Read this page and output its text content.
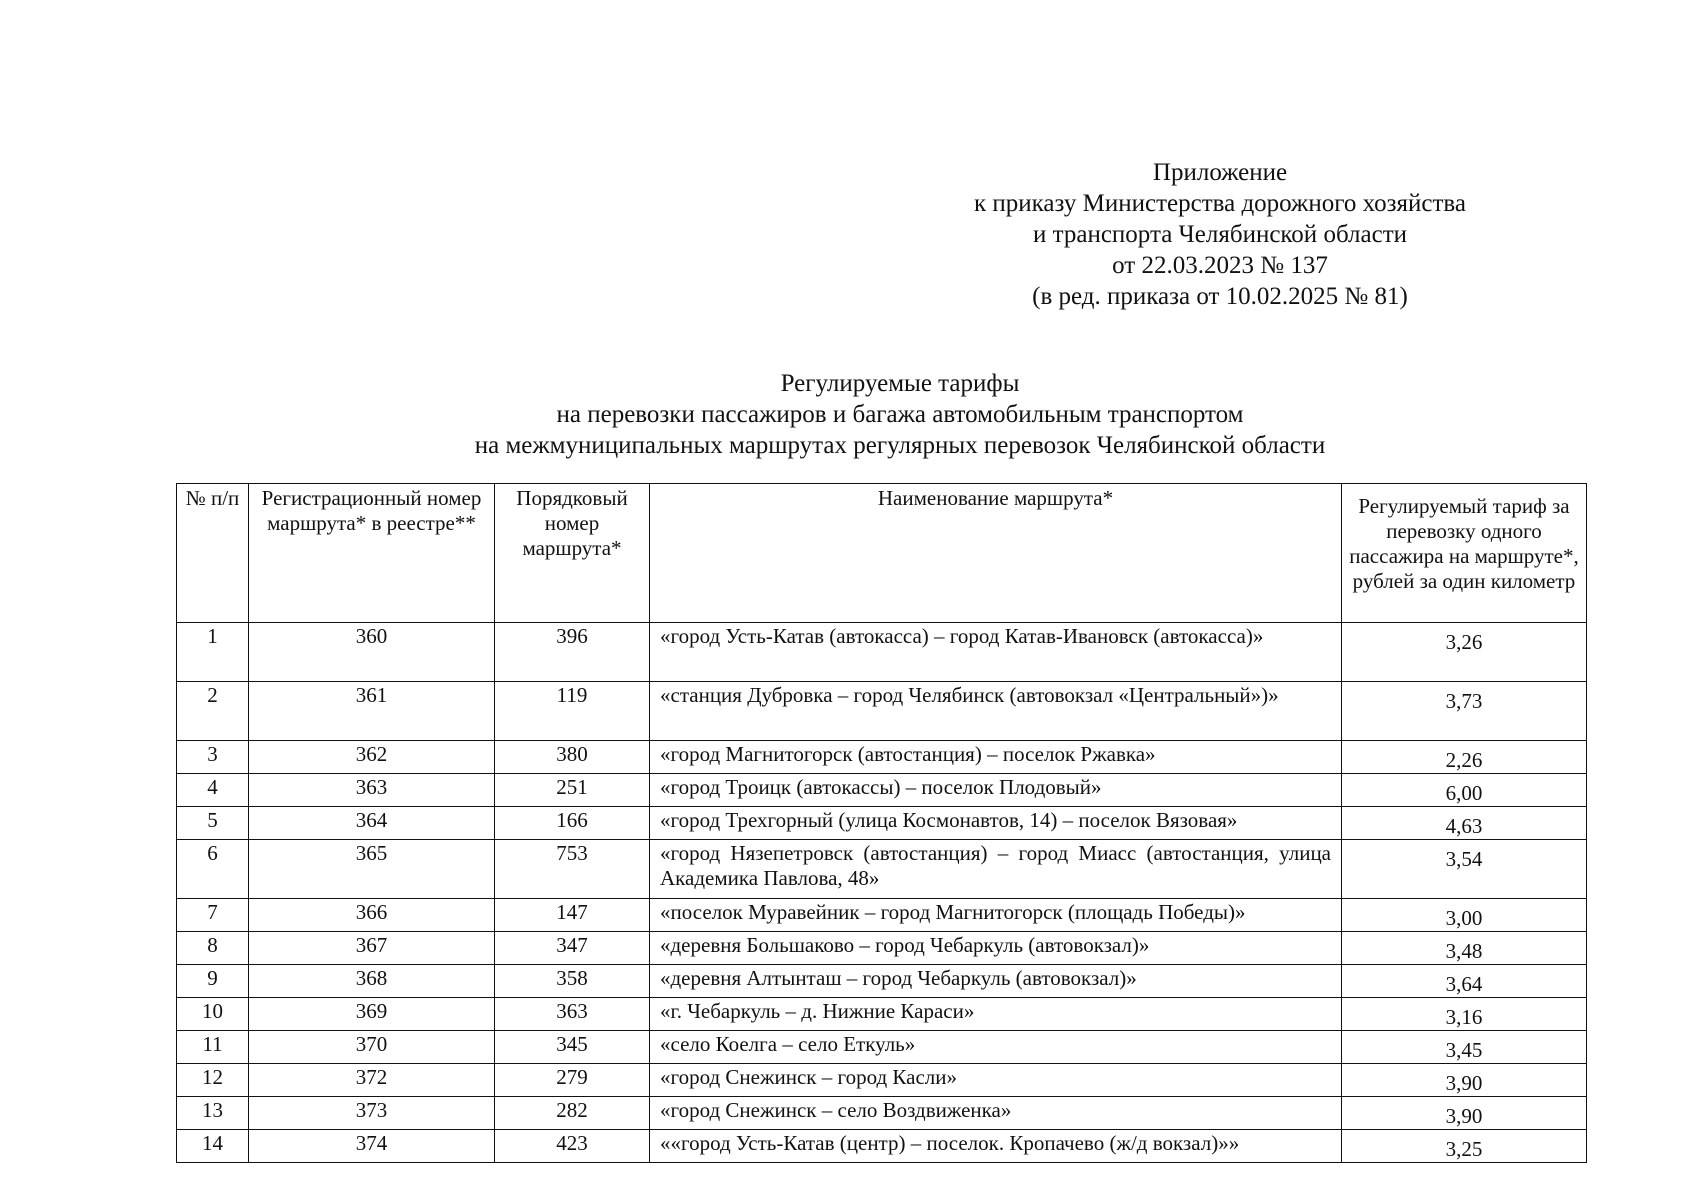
Приложение
к приказу Министерства дорожного хозяйства
и транспорта Челябинской области
от 22.03.2023 № 137
(в ред. приказа от 10.02.2025 № 81)
Регулируемые тарифы
на перевозки пассажиров и багажа автомобильным транспортом
на межмуниципальных маршрутах регулярных перевозок Челябинской области
№ п/п	Регистрационный номер маршрута* в реестре**	Порядковый номер маршрута*	Наименование маршрута*	Регулируемый тариф за перевозку одного пассажира на маршруте*, рублей за один километр
1	360	396	«город Усть-Катав (автокасса) – город Катав-Ивановск (автокасса)»	3,26
2	361	119	«станция Дубровка – город Челябинск (автовокзал «Центральный»)»	3,73
3	362	380	«город Магнитогорск (автостанция) – поселок Ржавка»	2,26
4	363	251	«город Троицк (автокассы) – поселок Плодовый»	6,00
5	364	166	«город Трехгорный (улица Космонавтов, 14) – поселок Вязовая»	4,63
6	365	753	«город Нязепетровск (автостанция) – город Миасс (автостанция, улица Академика Павлова, 48»	3,54
7	366	147	«поселок Муравейник – город Магнитогорск (площадь Победы)»	3,00
8	367	347	«деревня Большаково – город Чебаркуль (автовокзал)»	3,48
9	368	358	«деревня Алтынташ – город Чебаркуль (автовокзал)»	3,64
10	369	363	«г. Чебаркуль – д. Нижние Караси»	3,16
11	370	345	«село Коелга – село Еткуль»	3,45
12	372	279	«город Снежинск – город Касли»	3,90
13	373	282	«город Снежинск – село Воздвиженка»	3,90
14	374	423	««город Усть-Катав (центр) – поселок. Кропачево (ж/д вокзал)»»	3,25
